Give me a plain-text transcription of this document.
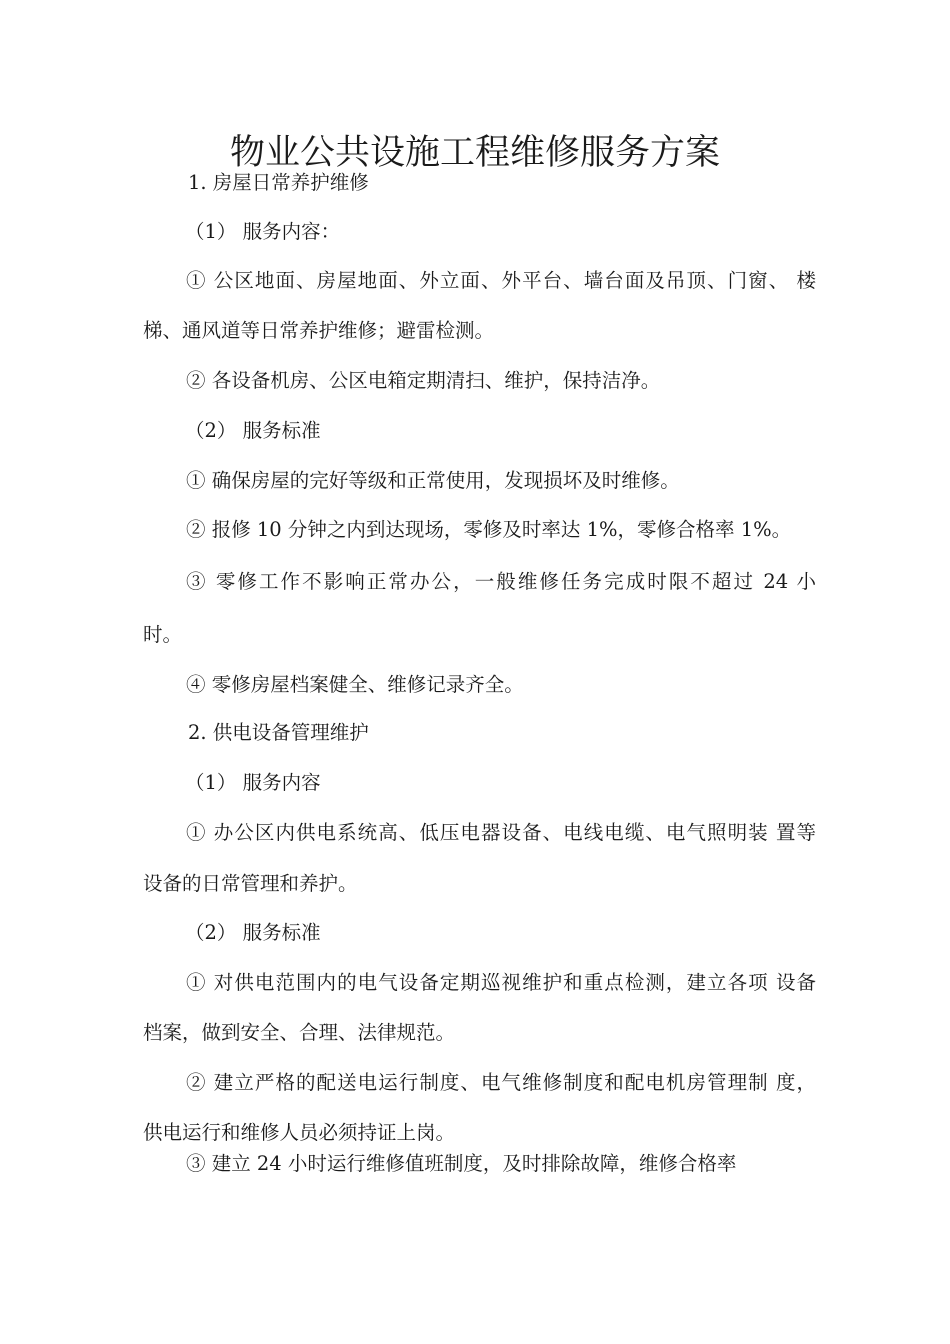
物业公共设施工程维修服务方案
1. 房屋日常养护维修
（1） 服务内容：
① 公区地面、房屋地面、外立面、外平台、墙台面及吊顶、门窗、 楼
梯、通风道等日常养护维修；避雷检测。
② 各设备机房、公区电箱定期清扫、维护，保持洁净。
（2） 服务标准
① 确保房屋的完好等级和正常使用，发现损坏及时维修。
② 报修 10 分钟之内到达现场，零修及时率达 1%，零修合格率 1%。
③ 零修工作不影响正常办公，一般维修任务完成时限不超过 24 小
时。
④ 零修房屋档案健全、维修记录齐全。
2. 供电设备管理维护
（1） 服务内容
① 办公区内供电系统高、低压电器设备、电线电缆、电气照明装 置等
设备的日常管理和养护。
（2） 服务标准
① 对供电范围内的电气设备定期巡视维护和重点检测，建立各项 设备
档案，做到安全、合理、法律规范。
② 建立严格的配送电运行制度、电气维修制度和配电机房管理制 度，
供电运行和维修人员必须持证上岗。
③ 建立 24 小时运行维修值班制度，及时排除故障，维修合格率
